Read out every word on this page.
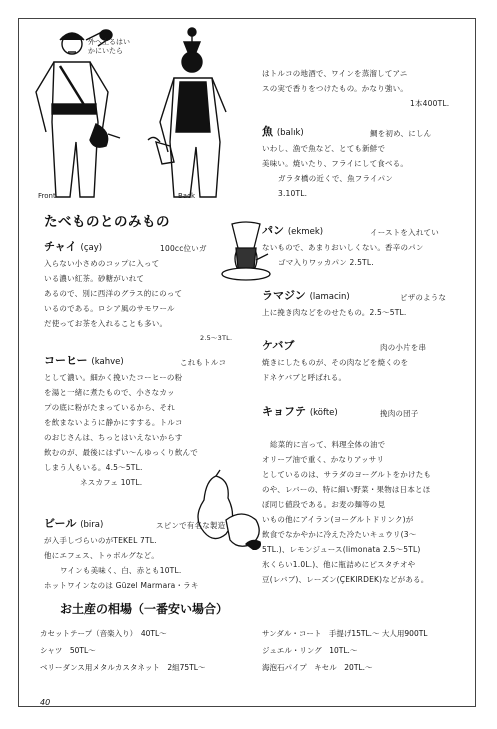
外へ上るはいかにいたら
Front	Back
はトルコの地酒で、ワインを蒸溜してアニ
スの実で香りをつけたもの。かなり強い。
1本400TL.
魚 (balık)	鯛を初め、にしん
いわし、漁で魚など、とても新鮮で
美味い。焼いたり、フライにして食べる。
ガラタ橋の近くで、魚フライパン
3.10TL.
たべものとのみもの
チャイ (çay)	100cc位いガ
入らない小さめのコップに入って
いる濃い紅茶。砂糖がいれて
あるので、別に西洋のグラス的にのって
いるのである。ロシア風のサモワール
だ使ってお茶を入れることも多い。
2.5～3TL.
パン (ekmek)	イーストを入れてい
ないもので、あまりおいしくない。香辛のパン
ゴマ入りワッカパン 2.5TL.
ラマジン (lamacin)	ピザのような
上に挽き肉などをのせたもの。2.5～5TL.
コーヒー (kahve)	これもトルコ
として濃い。細かく挽いたコーヒーの粉
を湯と一緒に煮たもので、小さなカッ
プの底に粉がたまっているから、それ
を飲まないように静かにすする。トルコ
のおじさんは、ちっとはいえないからす
飲むのが、最後にはずい～んゆっくり飲んで
しまう人もいる。4.5～5TL.
ネスカフェ 10TL.
ケバブ	肉の小片を串
焼きにしたものが、その肉などを焼くのを
ドネケバブと呼ばれる。
キョフテ (köfte)	挽肉の団子
総菜的に言って、料理全体の油で
オリーブ油で重く、かなりアッサリ
としているのは、サラダのヨーグルトをかけたも
のや、レバーの、特に細い野菜・果物は日本とほ
ぼ同じ値段である。お麦の麺等の見
いもの他にアイラン(ヨーグルトドリンク)が
飲食でなかやかに冷えた冷たいキュウリ(3～
5TL.)、レモンジュース(limonata 2.5～5TL)
氷くらい1.0L.)、他に瓶詰めにピスタチオや
豆(レバブ)、レーズン(ÇEKIRDEK)などがある。
ビール (bira)	スピンで有名な製造
が入手しづらいのがTEKEL 7TL.
他にエフェス、トゥボルグなど。
ワインも美味く、白、赤とも10TL.
ホットワインなのは Güzel Marmara・ラキ
お土産の相場（一番安い場合）
カセットテープ（音楽入り）　40TL～
シャツ　50TL～
ベリーダンス用メタルカスタネット　2組75TL～
サンダル・コート　手提げ15TL.～ 大人用900TL
ジュエル・リング　10TL.～
海泡石パイプ　キセル　20TL.～
40
